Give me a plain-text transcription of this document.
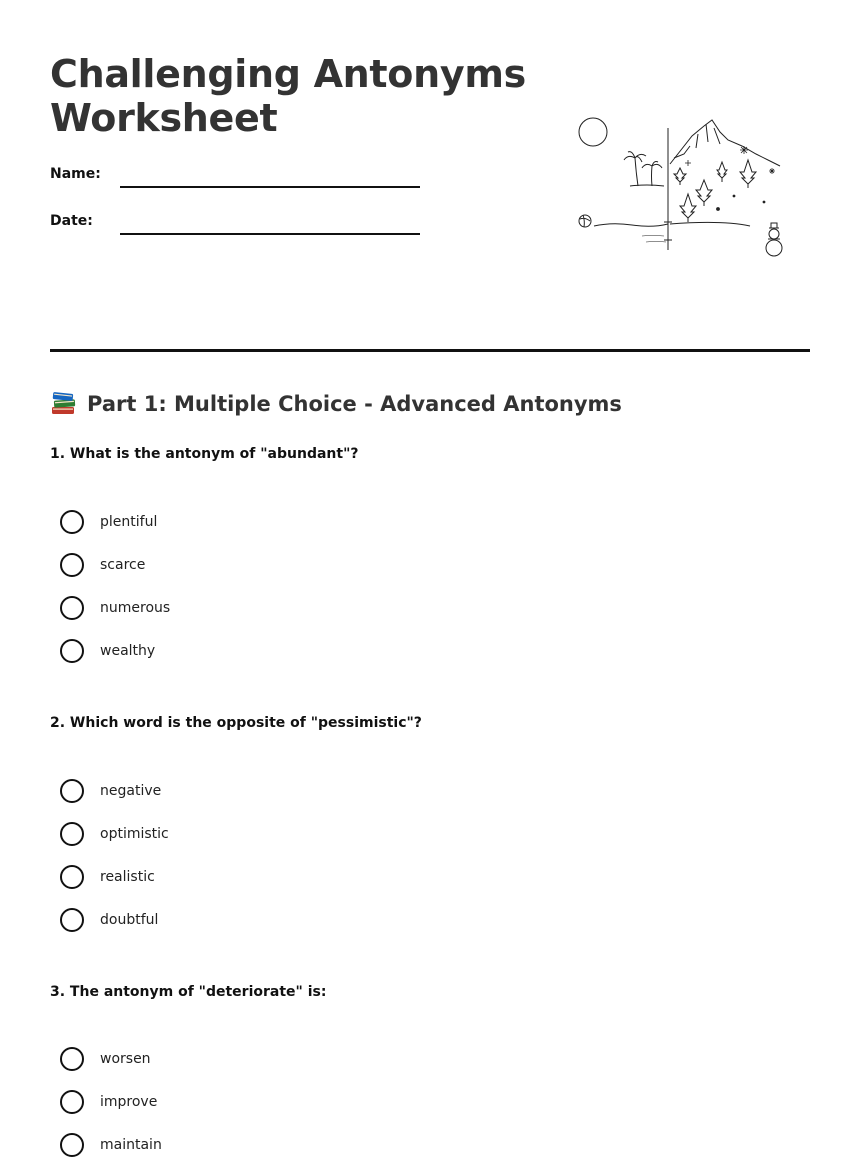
Challenging Antonyms Worksheet
Name:
Date:
Part 1: Multiple Choice - Advanced Antonyms
1. What is the antonym of "abundant"?
plentiful
scarce
numerous
wealthy
2. Which word is the opposite of "pessimistic"?
negative
optimistic
realistic
doubtful
3. The antonym of "deteriorate" is:
worsen
improve
maintain
